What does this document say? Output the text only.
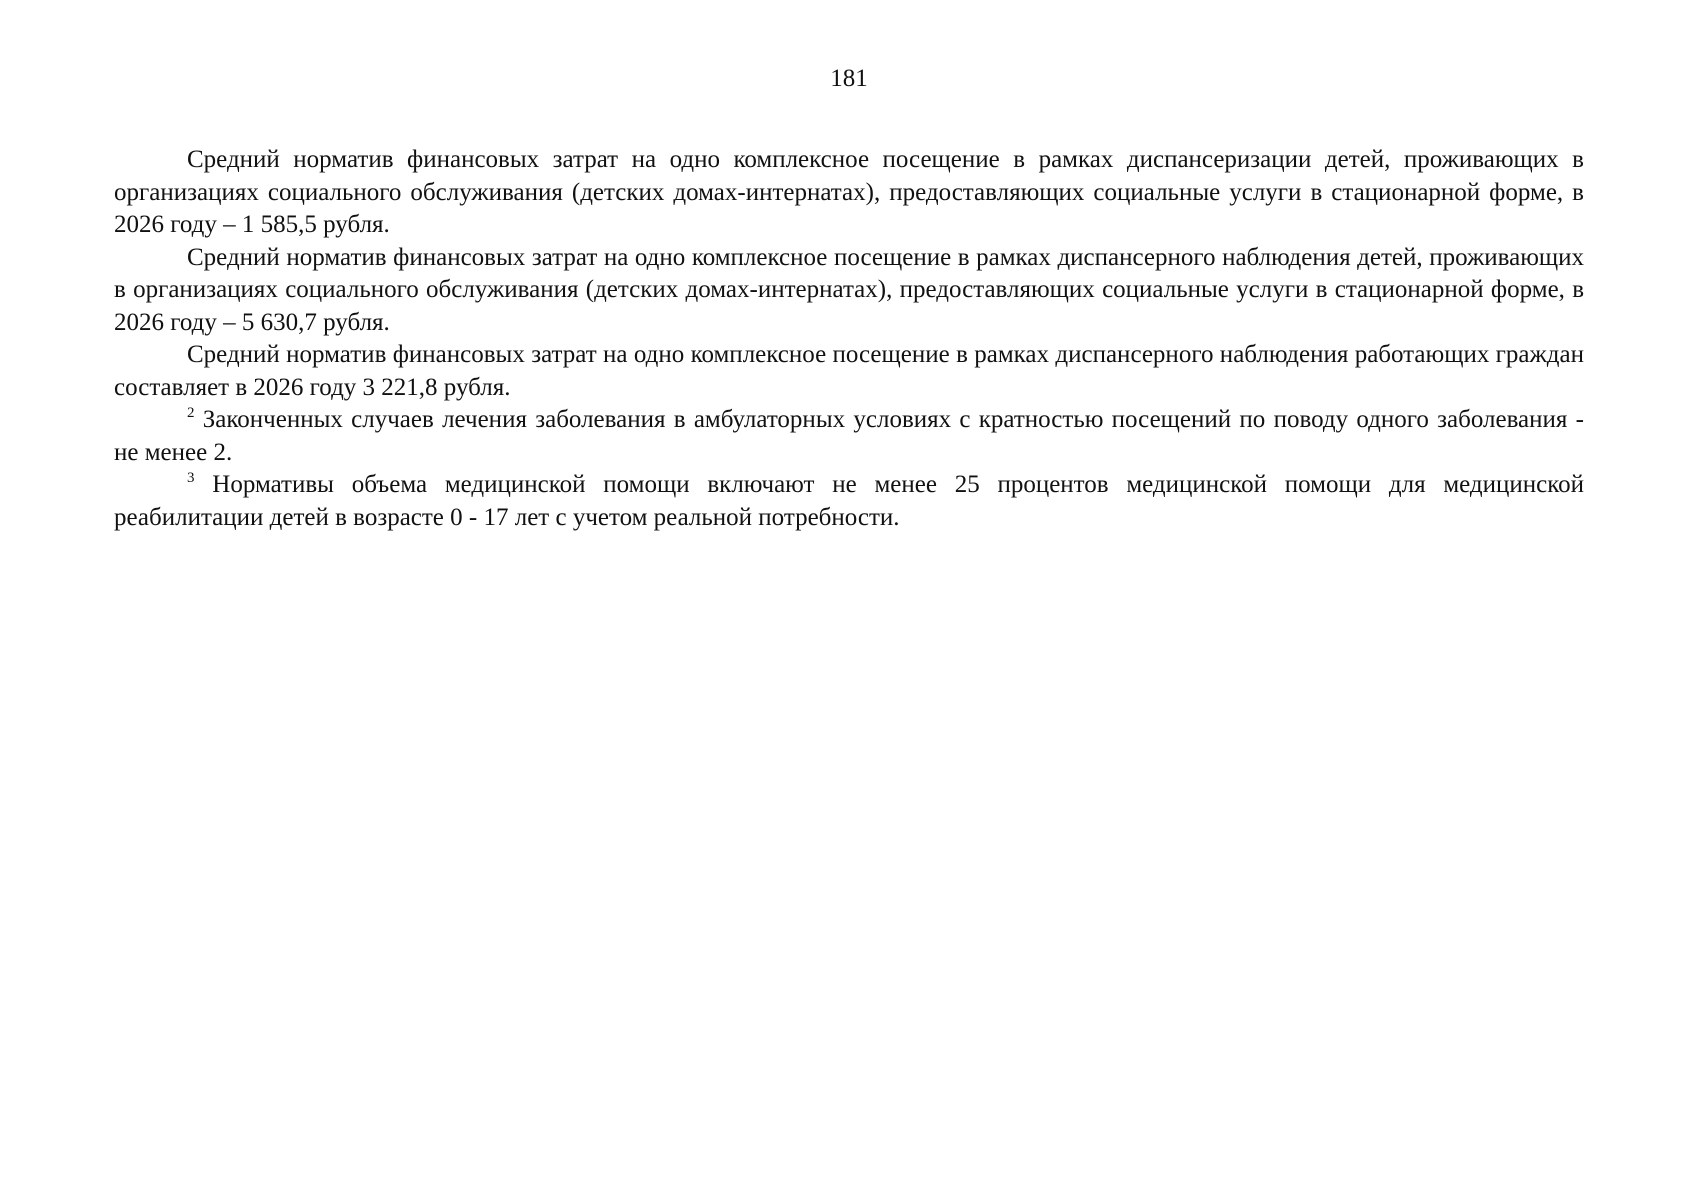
181

Средний норматив финансовых затрат на одно комплексное посещение в рамках диспансеризации детей, проживающих в организациях социального обслуживания (детских домах-интернатах), предоставляющих социальные услуги в стационарной форме, в 2026 году – 1 585,5 рубля.

Средний норматив финансовых затрат на одно комплексное посещение в рамках диспансерного наблюдения детей, проживающих в организациях социального обслуживания (детских домах-интернатах), предоставляющих социальные услуги в стационарной форме, в 2026 году – 5 630,7 рубля.

Средний норматив финансовых затрат на одно комплексное посещение в рамках диспансерного наблюдения работающих граждан составляет в 2026 году 3 221,8 рубля.

$^2$ Законченных случаев лечения заболевания в амбулаторных условиях с кратностью посещений по поводу одного заболевания - не менее 2.

$^3$ Нормативы объема медицинской помощи включают не менее 25 процентов медицинской помощи для медицинской реабилитации детей в возрасте 0 - 17 лет с учетом реальной потребности.
